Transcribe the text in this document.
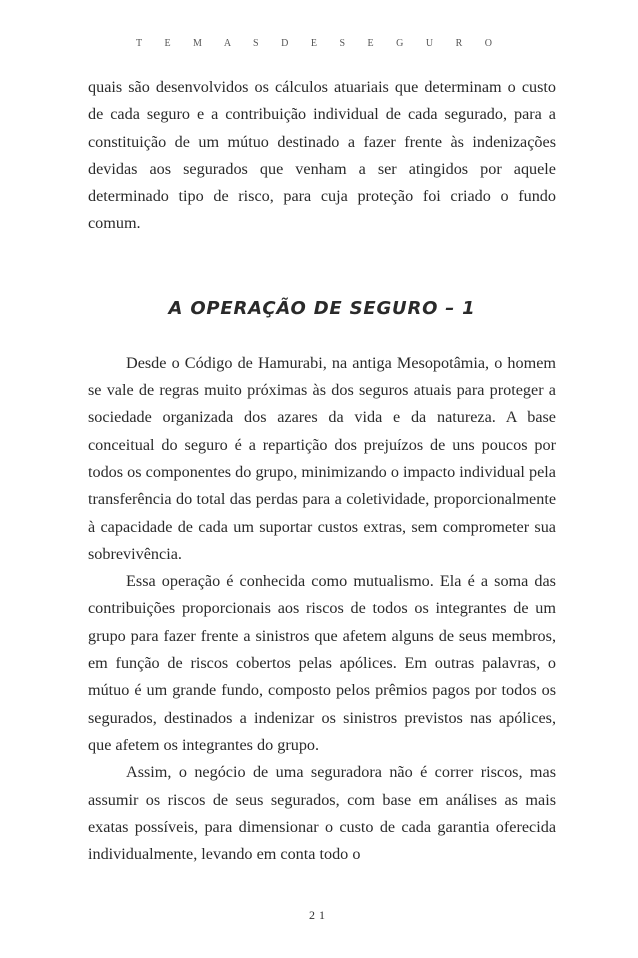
T E M A S D E S E G U R O

quais são desenvolvidos os cálculos atuariais que determinam o custo de cada seguro e a contribuição individual de cada segurado, para a constituição de um mútuo destinado a fazer frente às indenizações devidas aos segurados que venham a ser atingidos por aquele determinado tipo de risco, para cuja proteção foi criado o fundo comum.

A OPERAÇÃO DE SEGURO – 1

Desde o Código de Hamurabi, na antiga Mesopotâmia, o homem se vale de regras muito próximas às dos seguros atuais para proteger a sociedade organizada dos azares da vida e da natureza. A base conceitual do seguro é a repartição dos prejuízos de uns poucos por todos os componentes do grupo, minimizando o impacto individual pela transferência do total das perdas para a coletividade, proporcionalmente à capacidade de cada um suportar custos extras, sem comprometer sua sobrevivência.

Essa operação é conhecida como mutualismo. Ela é a soma das contribuições proporcionais aos riscos de todos os integrantes de um grupo para fazer frente a sinistros que afetem alguns de seus membros, em função de riscos cobertos pelas apólices. Em outras palavras, o mútuo é um grande fundo, composto pelos prêmios pagos por todos os segurados, destinados a indenizar os sinistros previstos nas apólices, que afetem os integrantes do grupo.

Assim, o negócio de uma seguradora não é correr riscos, mas assumir os riscos de seus segurados, com base em análises as mais exatas possíveis, para dimensionar o custo de cada garantia oferecida individualmente, levando em conta todo o

21
